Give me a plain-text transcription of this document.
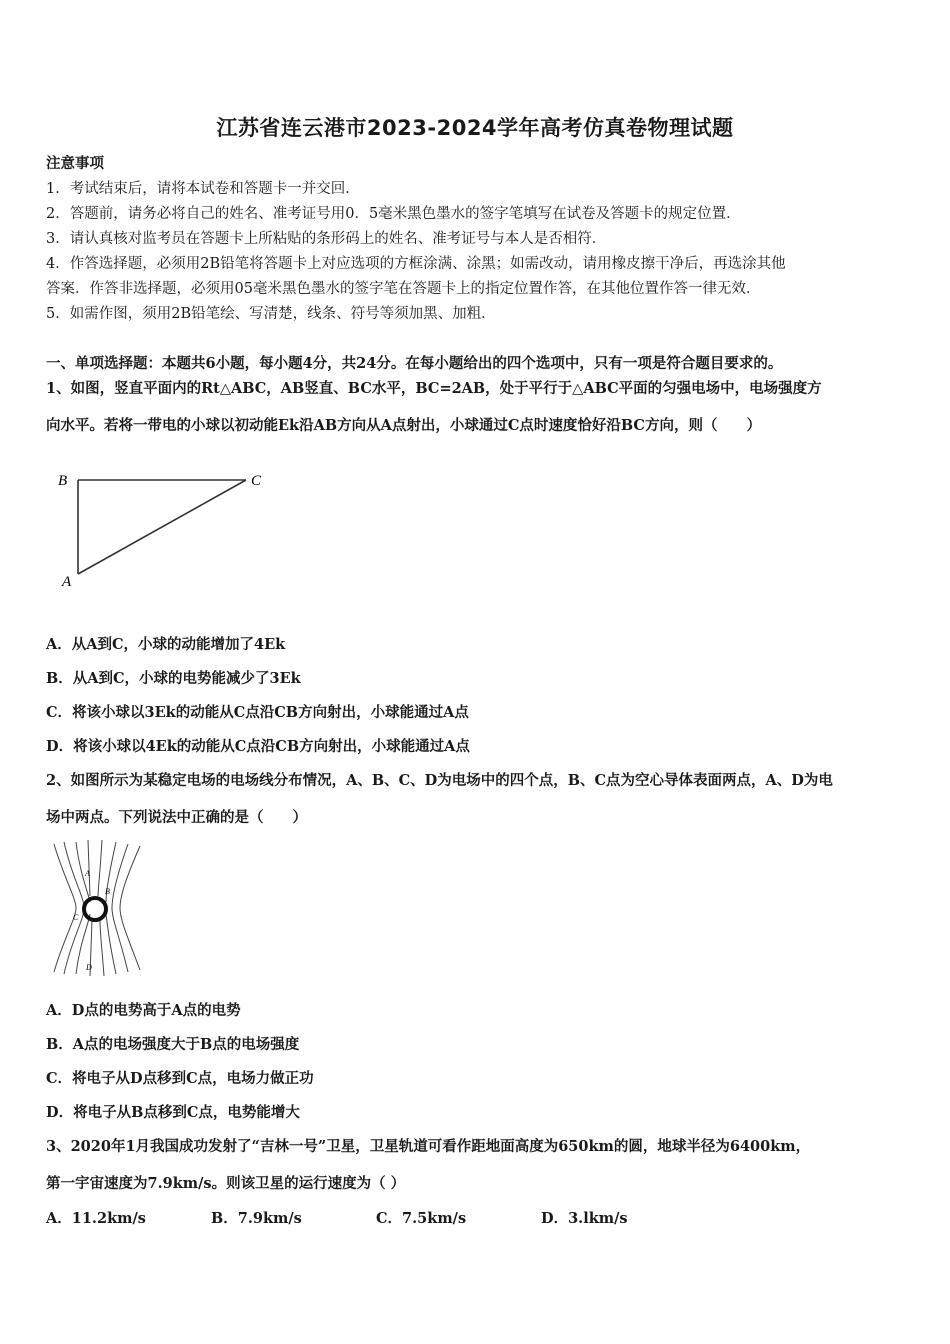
江苏省连云港市2023-2024学年高考仿真卷物理试题
注意事项
1．考试结束后，请将本试卷和答题卡一并交回．
2．答题前，请务必将自己的姓名、准考证号用0．5毫米黑色墨水的签字笔填写在试卷及答题卡的规定位置．
3．请认真核对监考员在答题卡上所粘贴的条形码上的姓名、准考证号与本人是否相符．
4．作答选择题，必须用2B铅笔将答题卡上对应选项的方框涂满、涂黑；如需改动，请用橡皮擦干净后，再选涂其他
答案．作答非选择题，必须用05毫米黑色墨水的签字笔在答题卡上的指定位置作答，在其他位置作答一律无效．
5．如需作图，须用2B铅笔绘、写清楚，线条、符号等须加黑、加粗．
一、单项选择题：本题共6小题，每小题4分，共24分。在每小题给出的四个选项中，只有一项是符合题目要求的。
1、如图，竖直平面内的Rt△ABC，AB竖直、BC水平，BC=2AB，处于平行于△ABC平面的匀强电场中，电场强度方
向水平。若将一带电的小球以初动能Ek沿AB方向从A点射出，小球通过C点时速度恰好沿BC方向，则（　　）
B	C
A
A．从A到C，小球的动能增加了4Ek
B．从A到C，小球的电势能减少了3Ek
C．将该小球以3Ek的动能从C点沿CB方向射出，小球能通过A点
D．将该小球以4Ek的动能从C点沿CB方向射出，小球能通过A点
2、如图所示为某稳定电场的电场线分布情况，A、B、C、D为电场中的四个点，B、C点为空心导体表面两点，A、D为电
场中两点。下列说法中正确的是（　　）
A
B
C
D
A．D点的电势高于A点的电势
B．A点的电场强度大于B点的电场强度
C．将电子从D点移到C点，电场力做正功
D．将电子从B点移到C点，电势能增大
3、2020年1月我国成功发射了“吉林一号”卫星，卫星轨道可看作距地面高度为650km的圆，地球半径为6400km，
第一宇宙速度为7.9km/s。则该卫星的运行速度为（ ）
A．11.2km/s	B．7.9km/s	C．7.5km/s	D．3.lkm/s
